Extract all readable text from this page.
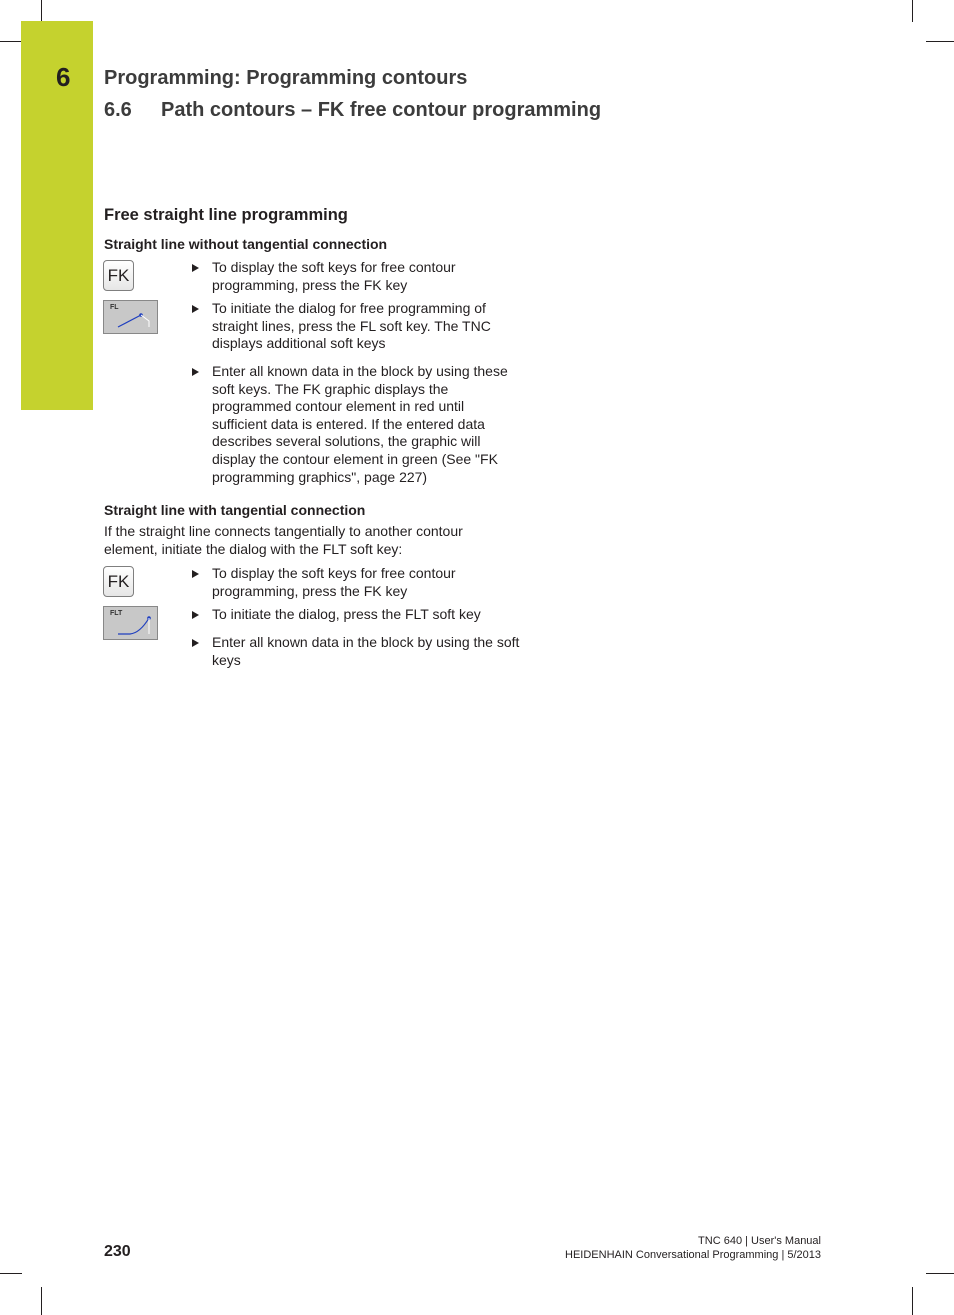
6 Programming: Programming contours
6.6 Path contours – FK free contour programming
Free straight line programming
Straight line without tangential connection
FK
FL
To display the soft keys for free contour programming, press the FK key
To initiate the dialog for free programming of straight lines, press the FL soft key. The TNC displays additional soft keys
Enter all known data in the block by using these soft keys. The FK graphic displays the programmed contour element in red until sufficient data is entered. If the entered data describes several solutions, the graphic will display the contour element in green (See "FK programming graphics", page 227)
Straight line with tangential connection
If the straight line connects tangentially to another contour element, initiate the dialog with the FLT soft key:
FK
FLT
To display the soft keys for free contour programming, press the FK key
To initiate the dialog, press the FLT soft key
Enter all known data in the block by using the soft keys
230
TNC 640 | User's Manual
HEIDENHAIN Conversational Programming | 5/2013
